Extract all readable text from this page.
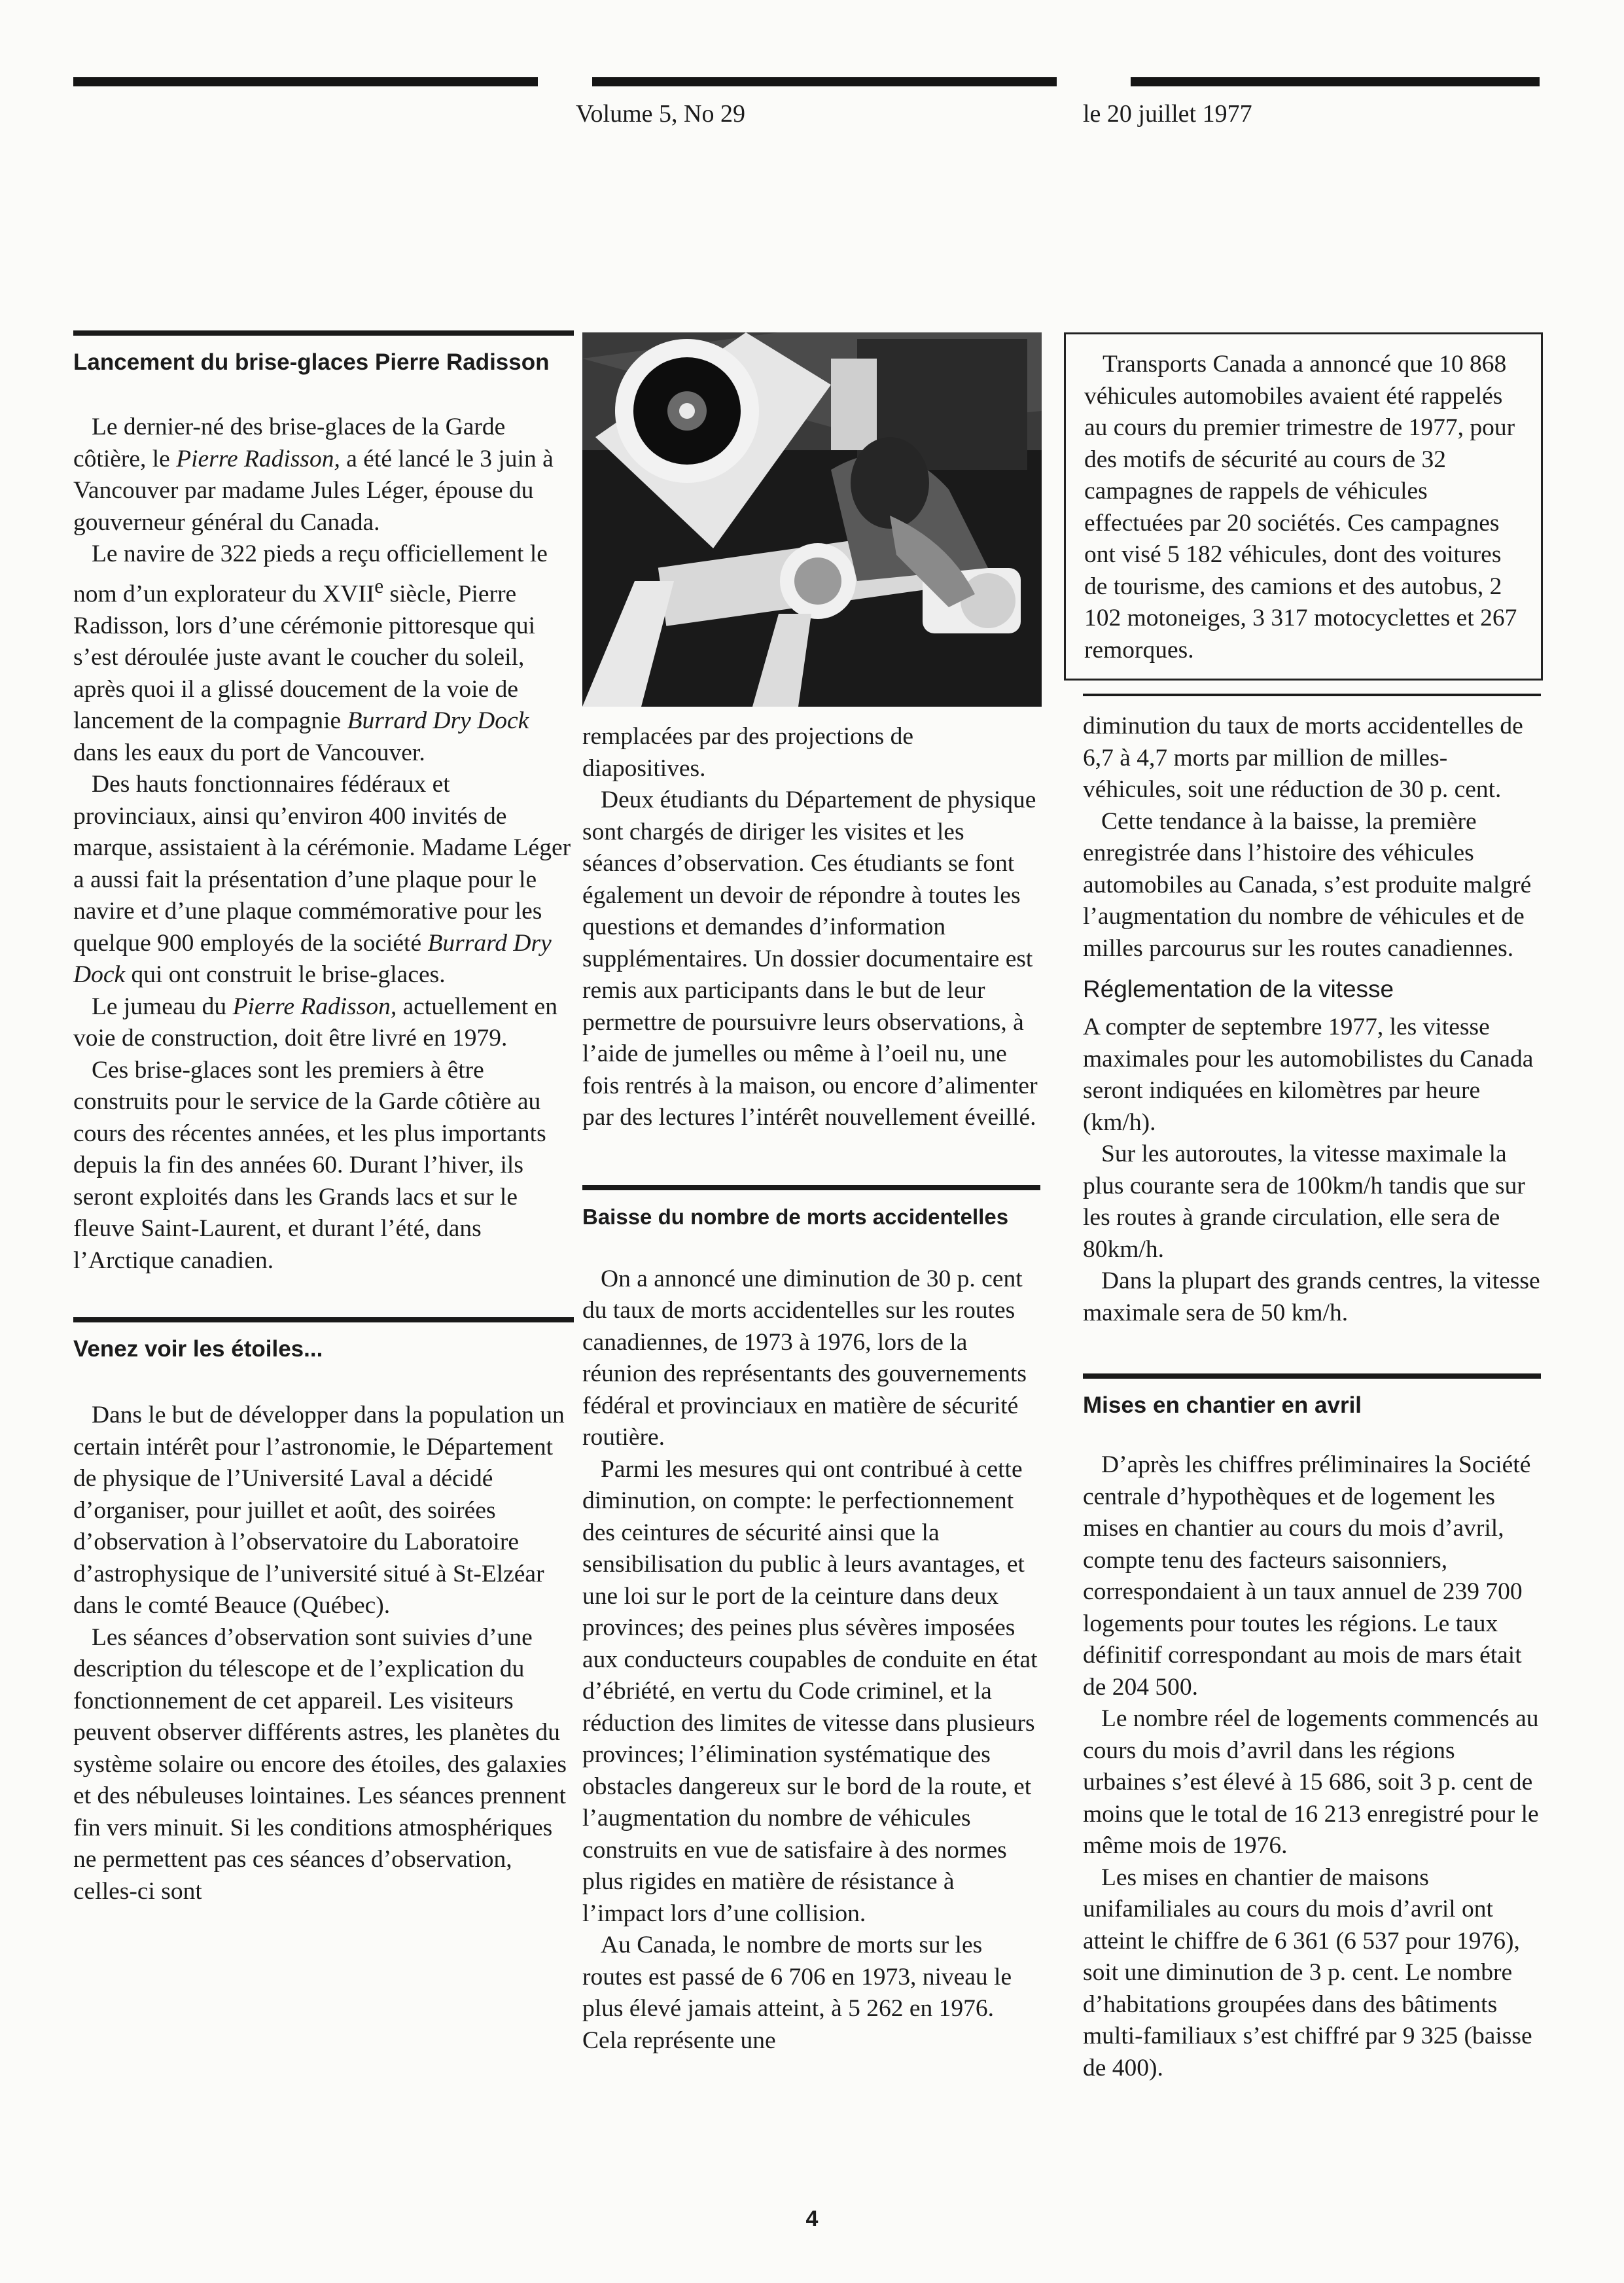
Volume 5, No 29	le 20 juillet 1977
Lancement du brise-glaces Pierre Radisson

Le dernier-né des brise-glaces de la Garde côtière, le Pierre Radisson, a été lancé le 3 juin à Vancouver par madame Jules Léger, épouse du gouverneur général du Canada.

Le navire de 322 pieds a reçu officiellement le nom d’un explorateur du XVIIe siècle, Pierre Radisson, lors d’une cérémonie pittoresque qui s’est déroulée juste avant le coucher du soleil, après quoi il a glissé doucement de la voie de lancement de la compagnie Burrard Dry Dock dans les eaux du port de Vancouver.

Des hauts fonctionnaires fédéraux et provinciaux, ainsi qu’environ 400 invités de marque, assistaient à la cérémonie. Madame Léger a aussi fait la présentation d’une plaque pour le navire et d’une plaque commémorative pour les quelque 900 employés de la société Burrard Dry Dock qui ont construit le brise-glaces.

Le jumeau du Pierre Radisson, actuellement en voie de construction, doit être livré en 1979.

Ces brise-glaces sont les premiers à être construits pour le service de la Garde côtière au cours des récentes années, et les plus importants depuis la fin des années 60. Durant l’hiver, ils seront exploités dans les Grands lacs et sur le fleuve Saint-Laurent, et durant l’été, dans l’Arctique canadien.

Venez voir les étoiles...

Dans le but de développer dans la population un certain intérêt pour l’astronomie, le Département de physique de l’Université Laval a décidé d’organiser, pour juillet et août, des soirées d’observation à l’observatoire du Laboratoire d’astrophysique de l’université situé à St-Elzéar dans le comté Beauce (Québec).

Les séances d’observation sont suivies d’une description du télescope et de l’explication du fonctionnement de cet appareil. Les visiteurs peuvent observer différents astres, les planètes du système solaire ou encore des étoiles, des galaxies et des nébuleuses lointaines. Les séances prennent fin vers minuit. Si les conditions atmosphériques ne permettent pas ces séances d’observation, celles-ci sont

remplacées par des projections de diapositives.

Deux étudiants du Département de physique sont chargés de diriger les visites et les séances d’observation. Ces étudiants se font également un devoir de répondre à toutes les questions et demandes d’information supplémentaires. Un dossier documentaire est remis aux participants dans le but de leur permettre de poursuivre leurs observations, à l’aide de jumelles ou même à l’oeil nu, une fois rentrés à la maison, ou encore d’alimenter par des lectures l’intérêt nouvellement éveillé.

Baisse du nombre de morts accidentelles

On a annoncé une diminution de 30 p. cent du taux de morts accidentelles sur les routes canadiennes, de 1973 à 1976, lors de la réunion des représentants des gouvernements fédéral et provinciaux en matière de sécurité routière.

Parmi les mesures qui ont contribué à cette diminution, on compte: le perfectionnement des ceintures de sécurité ainsi que la sensibilisation du public à leurs avantages, et une loi sur le port de la ceinture dans deux provinces; des peines plus sévères imposées aux conducteurs coupables de conduite en état d’ébriété, en vertu du Code criminel, et la réduction des limites de vitesse dans plusieurs provinces; l’élimination systématique des obstacles dangereux sur le bord de la route, et l’augmentation du nombre de véhicules construits en vue de satisfaire à des normes plus rigides en matière de résistance à l’impact lors d’une collision.

Au Canada, le nombre de morts sur les routes est passé de 6 706 en 1973, niveau le plus élevé jamais atteint, à 5 262 en 1976. Cela représente une

Transports Canada a annoncé que 10 868 véhicules automobiles avaient été rappelés au cours du premier trimestre de 1977, pour des motifs de sécurité au cours de 32 campagnes de rappels de véhicules effectuées par 20 sociétés. Ces campagnes ont visé 5 182 véhicules, dont des voitures de tourisme, des camions et des autobus, 2 102 motoneiges, 3 317 motocyclettes et 267 remorques.

diminution du taux de morts accidentelles de 6,7 à 4,7 morts par million de milles-véhicules, soit une réduction de 30 p. cent.

Cette tendance à la baisse, la première enregistrée dans l’histoire des véhicules automobiles au Canada, s’est produite malgré l’augmentation du nombre de véhicules et de milles parcourus sur les routes canadiennes.

Réglementation de la vitesse

A compter de septembre 1977, les vitesse maximales pour les automobilistes du Canada seront indiquées en kilomètres par heure (km/h).

Sur les autoroutes, la vitesse maximale la plus courante sera de 100km/h tandis que sur les routes à grande circulation, elle sera de 80km/h.

Dans la plupart des grands centres, la vitesse maximale sera de 50 km/h.

Mises en chantier en avril

D’après les chiffres préliminaires la Société centrale d’hypothèques et de logement les mises en chantier au cours du mois d’avril, compte tenu des facteurs saisonniers, correspondaient à un taux annuel de 239 700 logements pour toutes les régions. Le taux définitif correspondant au mois de mars était de 204 500.

Le nombre réel de logements commencés au cours du mois d’avril dans les régions urbaines s’est élevé à 15 686, soit 3 p. cent de moins que le total de 16 213 enregistré pour le même mois de 1976.

Les mises en chantier de maisons unifamiliales au cours du mois d’avril ont atteint le chiffre de 6 361 (6 537 pour 1976), soit une diminution de 3 p. cent. Le nombre d’habitations groupées dans des bâtiments multi-familiaux s’est chiffré par 9 325 (baisse de 400).

4
